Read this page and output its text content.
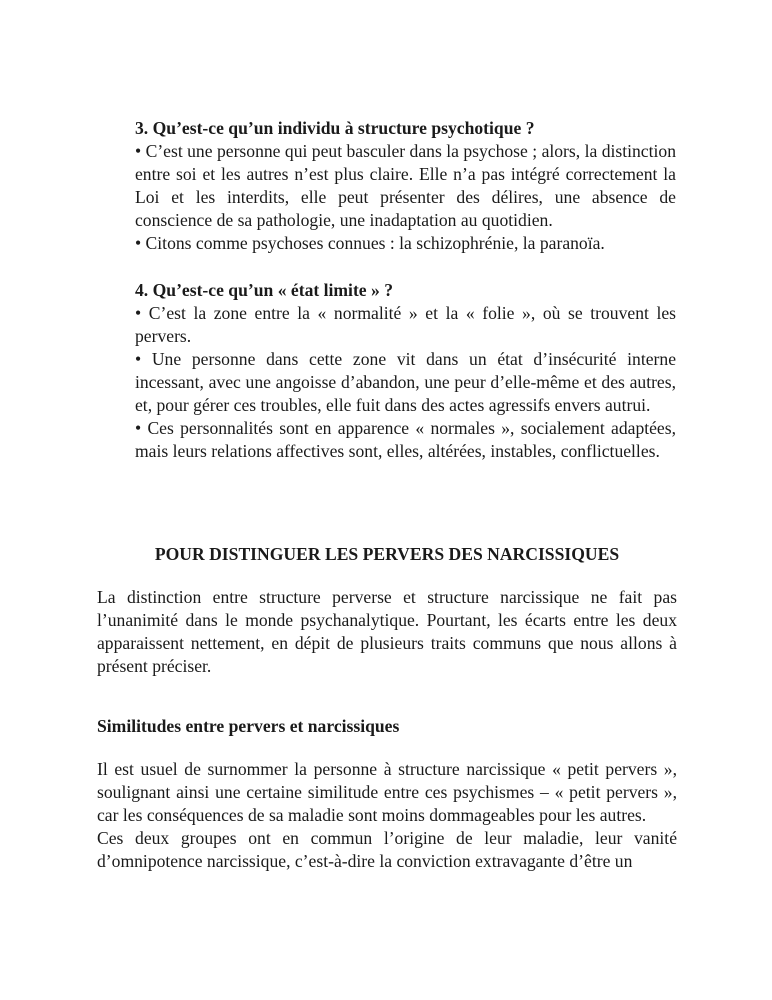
3. Qu’est-ce qu’un individu à structure psychotique ?

• C’est une personne qui peut basculer dans la psychose ; alors, la distinction entre soi et les autres n’est plus claire. Elle n’a pas intégré correctement la Loi et les interdits, elle peut présenter des délires, une absence de conscience de sa pathologie, une inadaptation au quotidien.

• Citons comme psychoses connues : la schizophrénie, la paranoïa.

4. Qu’est-ce qu’un « état limite » ?

• C’est la zone entre la « normalité » et la « folie », où se trouvent les pervers.

• Une personne dans cette zone vit dans un état d’insécurité interne incessant, avec une angoisse d’abandon, une peur d’elle-même et des autres, et, pour gérer ces troubles, elle fuit dans des actes agressifs envers autrui.

• Ces personnalités sont en apparence « normales », socialement adaptées, mais leurs relations affectives sont, elles, altérées, instables, conflictuelles.

POUR DISTINGUER LES PERVERS DES NARCISSIQUES

La distinction entre structure perverse et structure narcissique ne fait pas l’unanimité dans le monde psychanalytique. Pourtant, les écarts entre les deux apparaissent nettement, en dépit de plusieurs traits communs que nous allons à présent préciser.

Similitudes entre pervers et narcissiques

Il est usuel de surnommer la personne à structure narcissique « petit pervers », soulignant ainsi une certaine similitude entre ces psychismes – « petit pervers », car les conséquences de sa maladie sont moins dommageables pour les autres.

Ces deux groupes ont en commun l’origine de leur maladie, leur vanité d’omnipotence narcissique, c’est-à-dire la conviction extravagante d’être un
